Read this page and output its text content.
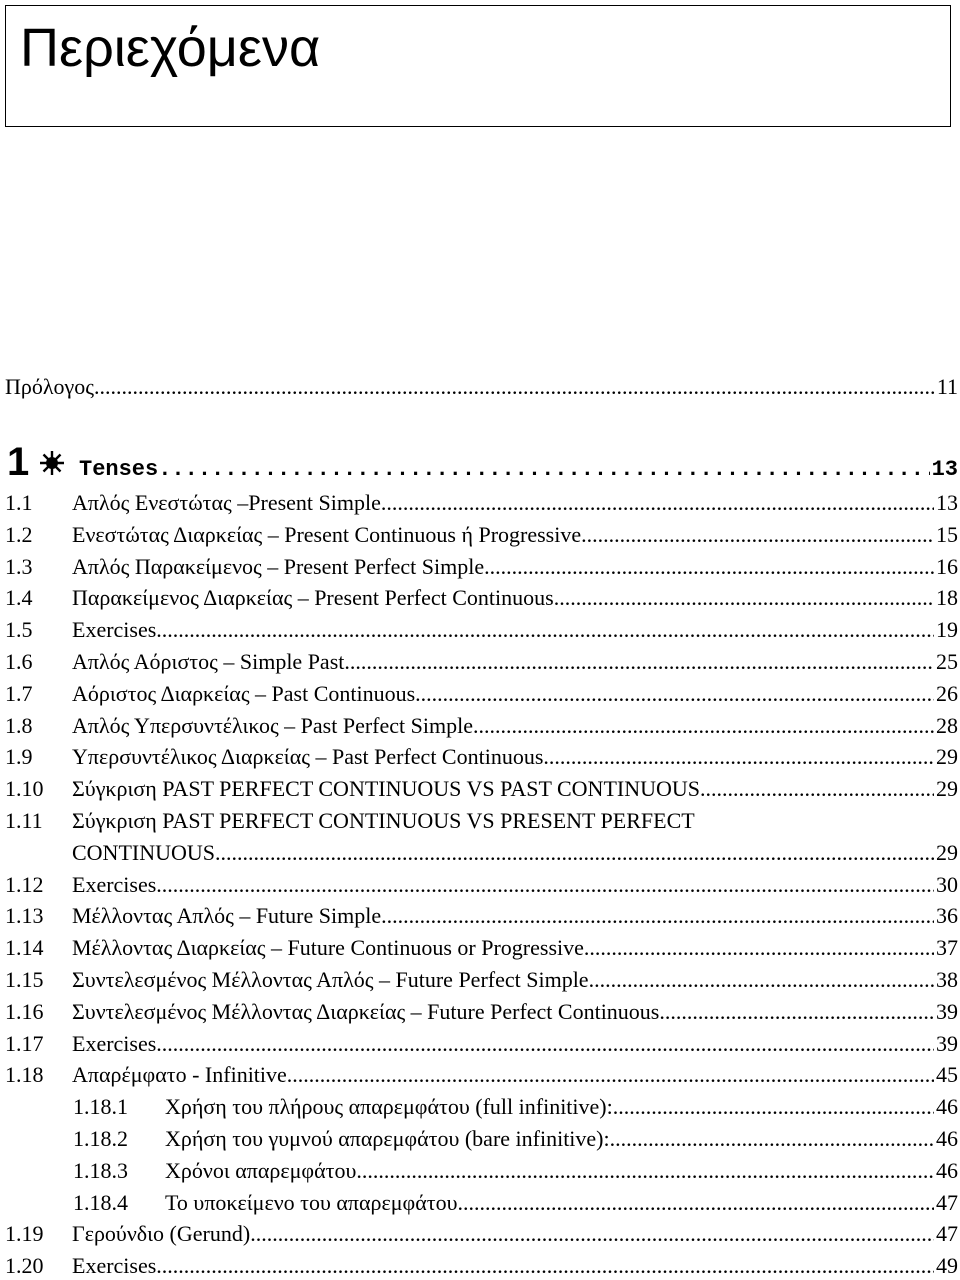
Περιεχόμενα
Πρόλογος .....	11
1	Tenses .....	13
1.1	Απλός Ενεστώτας –Present Simple .....	13
1.2	Ενεστώτας Διαρκείας – Present Continuous ή Progressive .....	15
1.3	Απλός Παρακείμενος – Present Perfect Simple .....	16
1.4	Παρακείμενος Διαρκείας – Present Perfect Continuous .....	18
1.5	Exercises .....	19
1.6	Απλός Αόριστος – Simple Past .....	25
1.7	Αόριστος Διαρκείας – Past Continuous .....	26
1.8	Απλός Υπερσυντέλικος – Past Perfect Simple .....	28
1.9	Υπερσυντέλικος Διαρκείας – Past Perfect Continuous .....	29
1.10	Σύγκριση PAST PERFECT CONTINUOUS VS PAST CONTINUOUS .....	29
1.11	Σύγκριση PAST PERFECT CONTINUOUS VS PRESENT PERFECT
CONTINUOUS .....	29
1.12	Exercises .....	30
1.13	Μέλλοντας Απλός – Future Simple .....	36
1.14	Μέλλοντας Διαρκείας – Future Continuous or Progressive .....	37
1.15	Συντελεσμένος Μέλλοντας Απλός – Future Perfect Simple .....	38
1.16	Συντελεσμένος Μέλλοντας Διαρκείας – Future Perfect Continuous .....	39
1.17	Exercises .....	39
1.18	Απαρέμφατο - Infinitive .....	45
1.18.1	Χρήση του πλήρους απαρεμφάτου (full infinitive): .....	46
1.18.2	Χρήση του γυμνού απαρεμφάτου (bare infinitive): .....	46
1.18.3	Χρόνοι απαρεμφάτου .....	46
1.18.4	Το υποκείμενο του απαρεμφάτου .....	47
1.19	Γερούνδιο (Gerund) .....	47
1.20	Exercises .....	49
